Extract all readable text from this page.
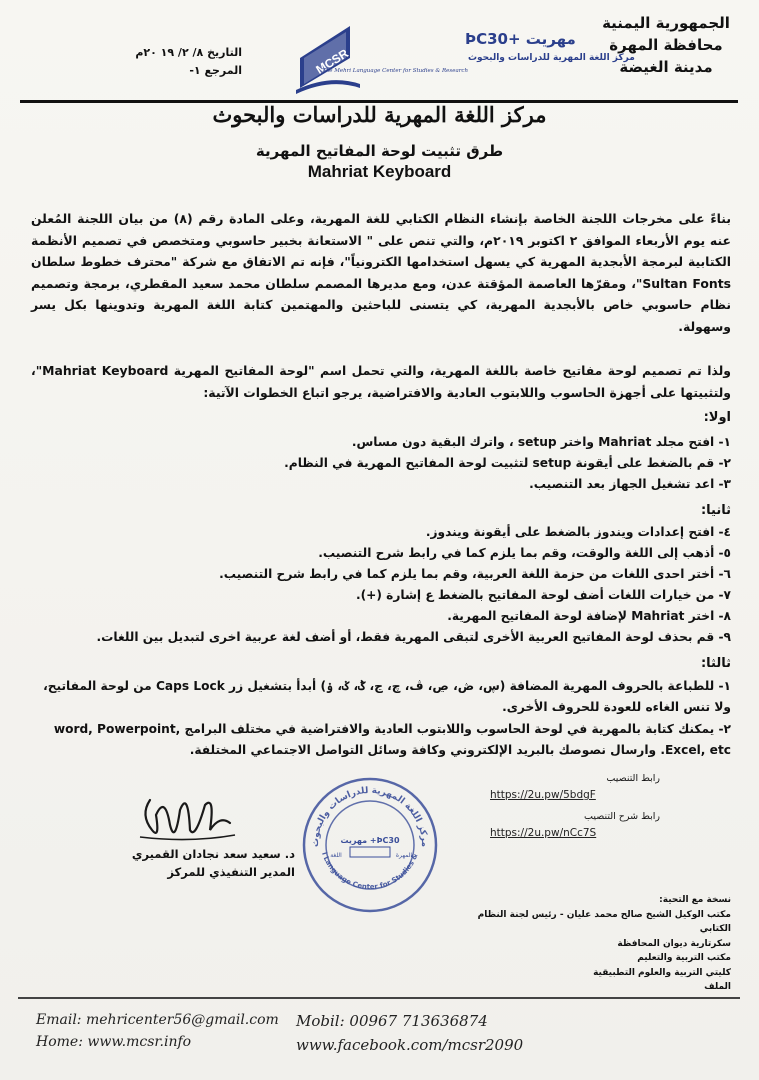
الجمهورية اليمنية
محافظة المهرة
مدينة الغيضة
MCSR
مهريت +ϷC30
مركز اللغة المهرية للدراسات والبحوث
The Mehri Language Center for Studies & Research
التاريخ ٨/ ٢/ ١٩ ٢٠م
المرجع ١-
مركز اللغة المهرية للدراسات والبحوث
طرق تثبيت لوحة المفاتيح المهرية
Mahriat Keyboard
بناءً على مخرجات اللجنة الخاصة بإنشاء النظام الكتابي للغة المهرية، وعلى المادة رقم (٨) من بيان اللجنة المُعلن عنه يوم الأربعاء الموافق ٢ اكتوبر ٢٠١٩م، والتي تنص على " الاستعانة بخبير حاسوبي ومتخصص في تصميم الأنظمة الكتابية لبرمجة الأبجدية المهرية كي يسهل استخدامها الكترونياً"، فإنه تم الاتفاق مع شركة "محترف خطوط سلطان Sultan Fonts"، ومقرّها العاصمة المؤقتة عدن، ومع مديرها المصمم سلطان محمد سعيد المقطري، برمجة وتصميم نظام حاسوبي خاص بالأبجدية المهرية، كي يتسنى للباحثين والمهتمين كتابة اللغة المهرية وتدوينها بكل يسر وسهولة.
ولذا تم تصميم لوحة مفاتيح خاصة باللغة المهرية، والتي تحمل اسم "لوحة المفاتيح المهرية Mahriat Keyboard"، ولتثبيتها على أجهزة الحاسوب واللابتوب العادية والافتراضية، يرجو اتباع الخطوات الآتية:
اولا:
١- افتح مجلد Mahriat واختر setup ، واترك البقية دون مساس.
٢- قم بالضغط على أيقونة setup لتثبيت لوحة المفاتيح المهرية في النظام.
٣- اعد تشغيل الجهاز بعد التنصيب.
ثانيا:
٤- افتح إعدادات ويندوز بالضغط على أيقونة ويندوز.
٥- أذهب إلى اللغة والوقت، وقم بما يلزم كما في رابط شرح التنصيب.
٦- أختر احدى اللغات من حزمة اللغة العربية، وقم بما يلزم كما في رابط شرح التنصيب.
٧- من خيارات اللغات أضف لوحة المفاتيح بالضغط ع إشارة (+).
٨- اختر Mahriat لإضافة لوحة المفاتيح المهرية.
٩- قم بحذف لوحة المفاتيح العربية الأخرى لتبقى المهرية فقط، أو أضف لغة عربية اخرى لتبديل بين اللغات.
ثالثا:
١- للطباعة بالحروف المهرية المضافة (ڛ، ڞ، ڝ، ڤ، چ، ڃ، ݣ، ݢ، ۏ) أبدأ بتشغيل زر Caps Lock من لوحة المفاتيح، ولا تنس الغاءه للعودة للحروف الأخرى.
٢- يمكنك كتابة بالمهرية في لوحة الحاسوب واللابتوب العادية والافتراضية في مختلف البرامج word, Powerpoint, Excel, etc. وارسال نصوصك بالبريد الإلكتروني وكافة وسائل التواصل الاجتماعي المختلفة.
رابط التنصيب
https://2u.pw/5bdgF
رابط شرح التنصيب
https://2u.pw/nCc7S
د. سعيد سعد نجادان القميري
المدير التنفيذي للمركز
مركز اللغة المهرية للدراسات والبحوث
i Language Center for Studies &
مهريت +ϷC30
اللغة	المهرة
نسخة مع التحية:
مكتب الوكيل الشيخ صالح محمد عليان - رئيس لجنة النظام الكتابي
سكرتارية ديوان المحافظة
مكتب التربية والتعليم
كليتي التربية والعلوم التطبيقية
الملف
Email: mehricenter56@gmail.com
Home: www.mcsr.info
Mobil: 00967 713636874
www.facebook.com/mcsr2090
